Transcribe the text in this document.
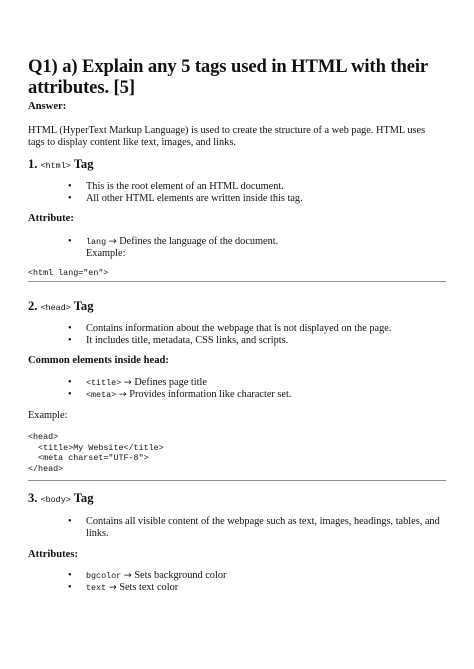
Q1) a) Explain any 5 tags used in HTML with their attributes. [5]
Answer:
HTML (HyperText Markup Language) is used to create the structure of a web page. HTML uses tags to display content like text, images, and links.
1. <html> Tag
• This is the root element of an HTML document.
• All other HTML elements are written inside this tag.
Attribute:
• lang → Defines the language of the document.
Example:
<html lang="en">
2. <head> Tag
• Contains information about the webpage that is not displayed on the page.
• It includes title, metadata, CSS links, and scripts.
Common elements inside head:
• <title> → Defines page title
• <meta> → Provides information like character set.
Example:
<head>
<title>My Website</title>
<meta charset="UTF-8">
</head>
3. <body> Tag
• Contains all visible content of the webpage such as text, images, headings, tables, and links.
Attributes:
• bgcolor → Sets background color
• text → Sets text color
